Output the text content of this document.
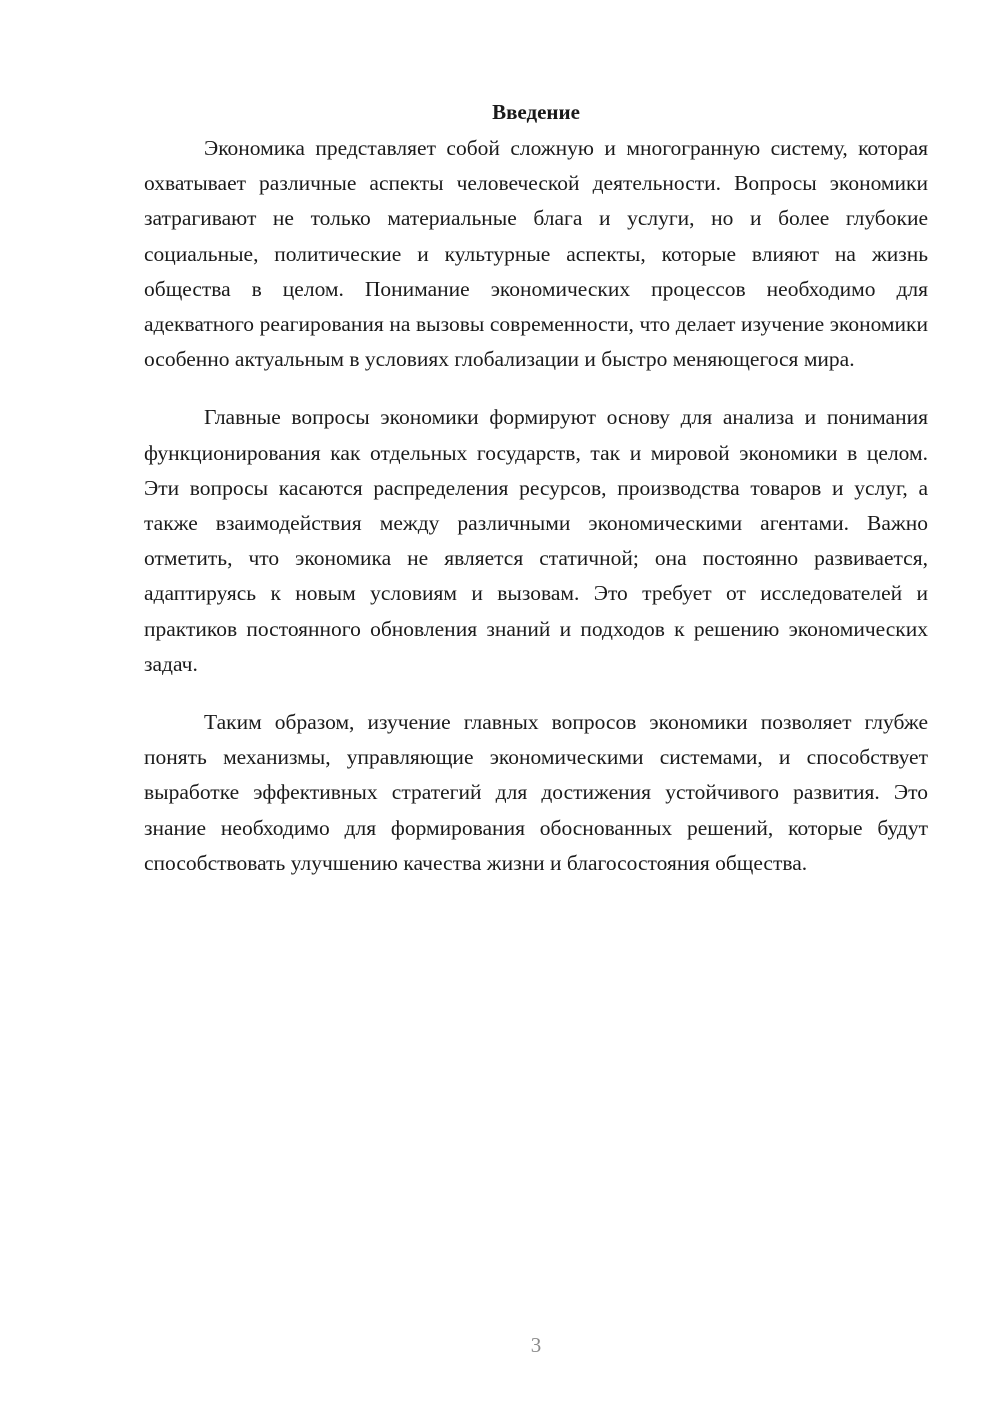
Введение

Экономика представляет собой сложную и многогранную систему, которая охватывает различные аспекты человеческой деятельности. Вопросы экономики затрагивают не только материальные блага и услуги, но и более глубокие социальные, политические и культурные аспекты, которые влияют на жизнь общества в целом. Понимание экономических процессов необходимо для адекватного реагирования на вызовы современности, что делает изучение экономики особенно актуальным в условиях глобализации и быстро меняющегося мира.

Главные вопросы экономики формируют основу для анализа и понимания функционирования как отдельных государств, так и мировой экономики в целом. Эти вопросы касаются распределения ресурсов, производства товаров и услуг, а также взаимодействия между различными экономическими агентами. Важно отметить, что экономика не является статичной; она постоянно развивается, адаптируясь к новым условиям и вызовам. Это требует от исследователей и практиков постоянного обновления знаний и подходов к решению экономических задач.

Таким образом, изучение главных вопросов экономики позволяет глубже понять механизмы, управляющие экономическими системами, и способствует выработке эффективных стратегий для достижения устойчивого развития. Это знание необходимо для формирования обоснованных решений, которые будут способствовать улучшению качества жизни и благосостояния общества.

3
